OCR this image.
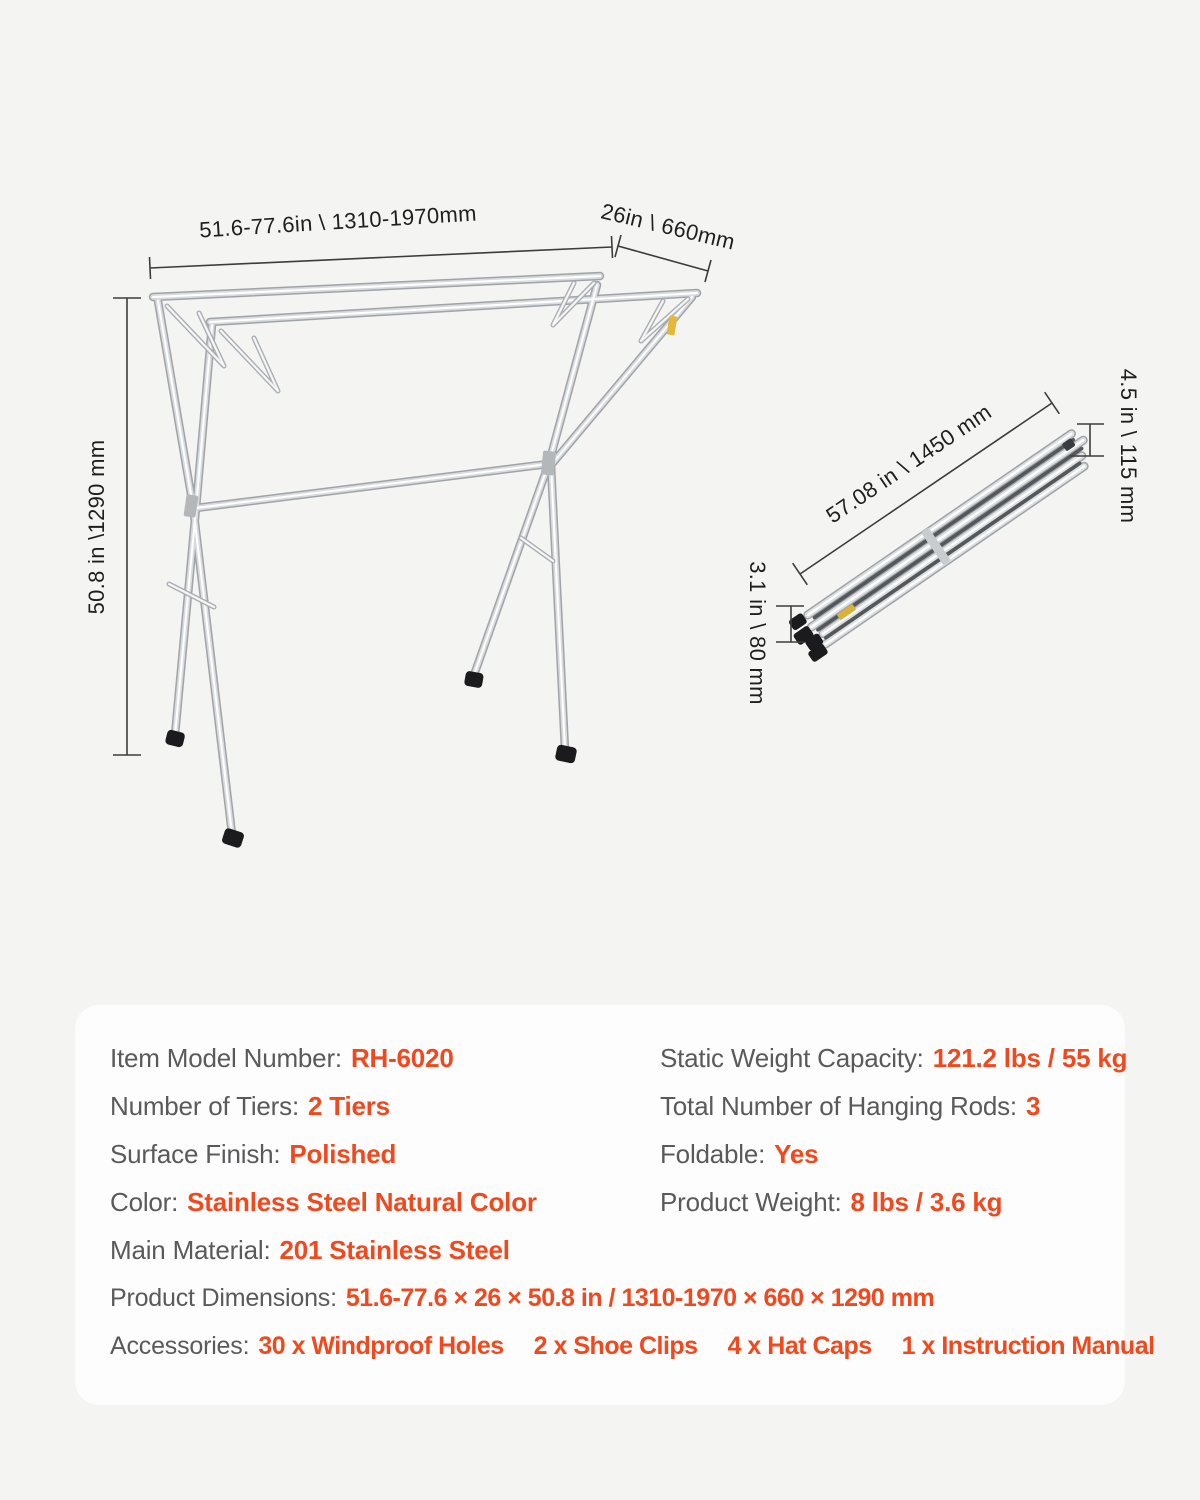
51.6-77.6in \ 1310-1970mm	26in \ 660mm
50.8 in \1290 mm	57.08 in \ 1450 mm	4.5 in \ 115 mm
3.1 in \ 80 mm
Item Model Number: RH-6020
Number of Tiers: 2 Tiers
Surface Finish: Polished
Color: Stainless Steel Natural Color
Main Material: 201 Stainless Steel
Static Weight Capacity: 121.2 lbs / 55 kg
Total Number of Hanging Rods: 3
Foldable: Yes
Product Weight: 8 lbs / 3.6 kg
Product Dimensions: 51.6-77.6 × 26 × 50.8 in / 1310-1970 × 660 × 1290 mm
Accessories: 30 x Windproof Holes 2 x Shoe Clips 4 x Hat Caps 1 x Instruction Manual
